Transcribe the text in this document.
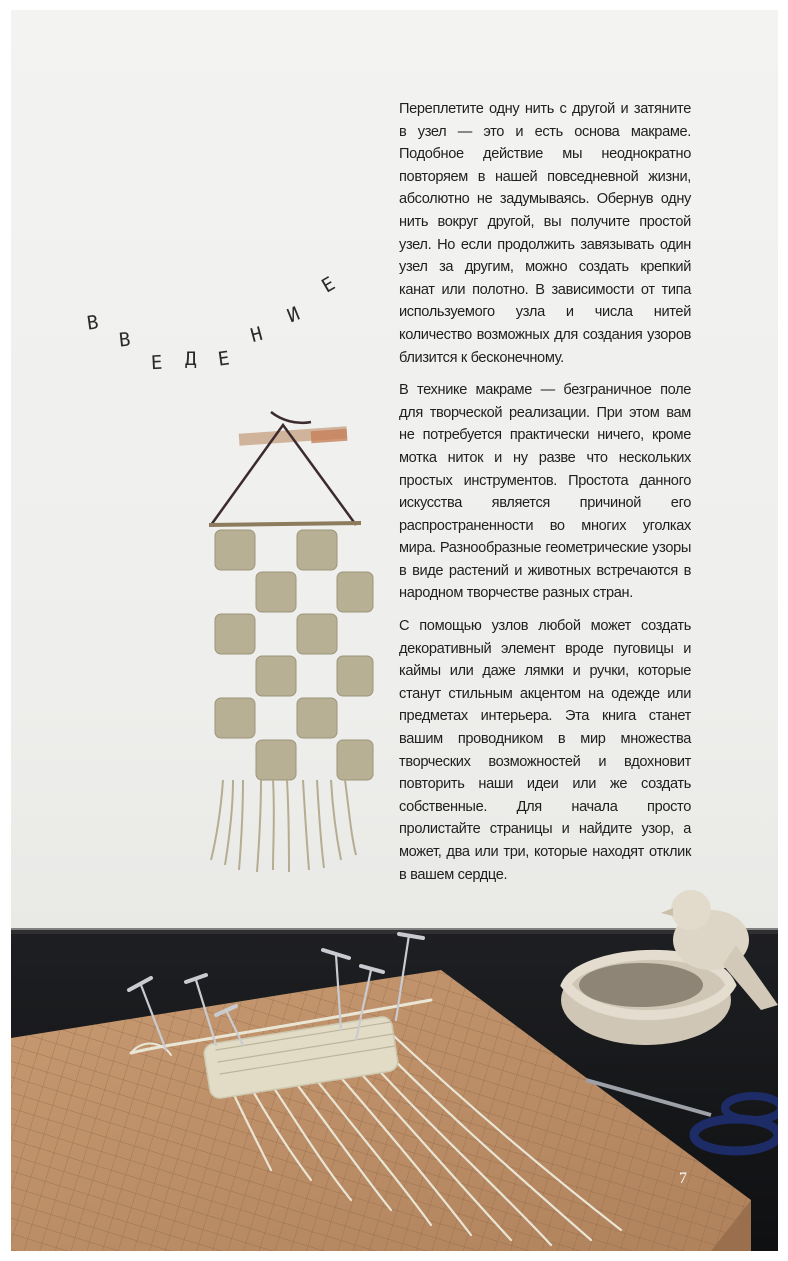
В
В
Е Д Е
Н
И
Е

Переплетите одну нить с другой и затяните в узел — это и есть основа макраме. Подобное действие мы неоднократно повторяем в нашей повседневной жизни, абсолютно не задумываясь. Обернув одну нить вокруг другой, вы получите простой узел. Но если продолжить завязывать один узел за другим, можно создать крепкий канат или полотно. В зависимости от типа используемого узла и числа нитей количество возможных для создания узоров близится к бесконечному.

В технике макраме — безграничное поле для творческой реализации. При этом вам не потребуется практически ничего, кроме мотка ниток и ну разве что нескольких простых инструментов. Простота данного искусства является причиной его распространенности во многих уголках мира. Разнообразные геометрические узоры в виде растений и животных встречаются в народном творчестве разных стран.

С помощью узлов любой может создать декоративный элемент вроде пуговицы и каймы или даже лямки и ручки, которые станут стильным акцентом на одежде или предметах интерьера. Эта книга станет вашим проводником в мир множества творческих возможностей и вдохновит повторить наши идеи или же создать собственные. Для начала просто пролистайте страницы и найдите узор, а может, два или три, которые находят отклик в вашем сердце.

7
